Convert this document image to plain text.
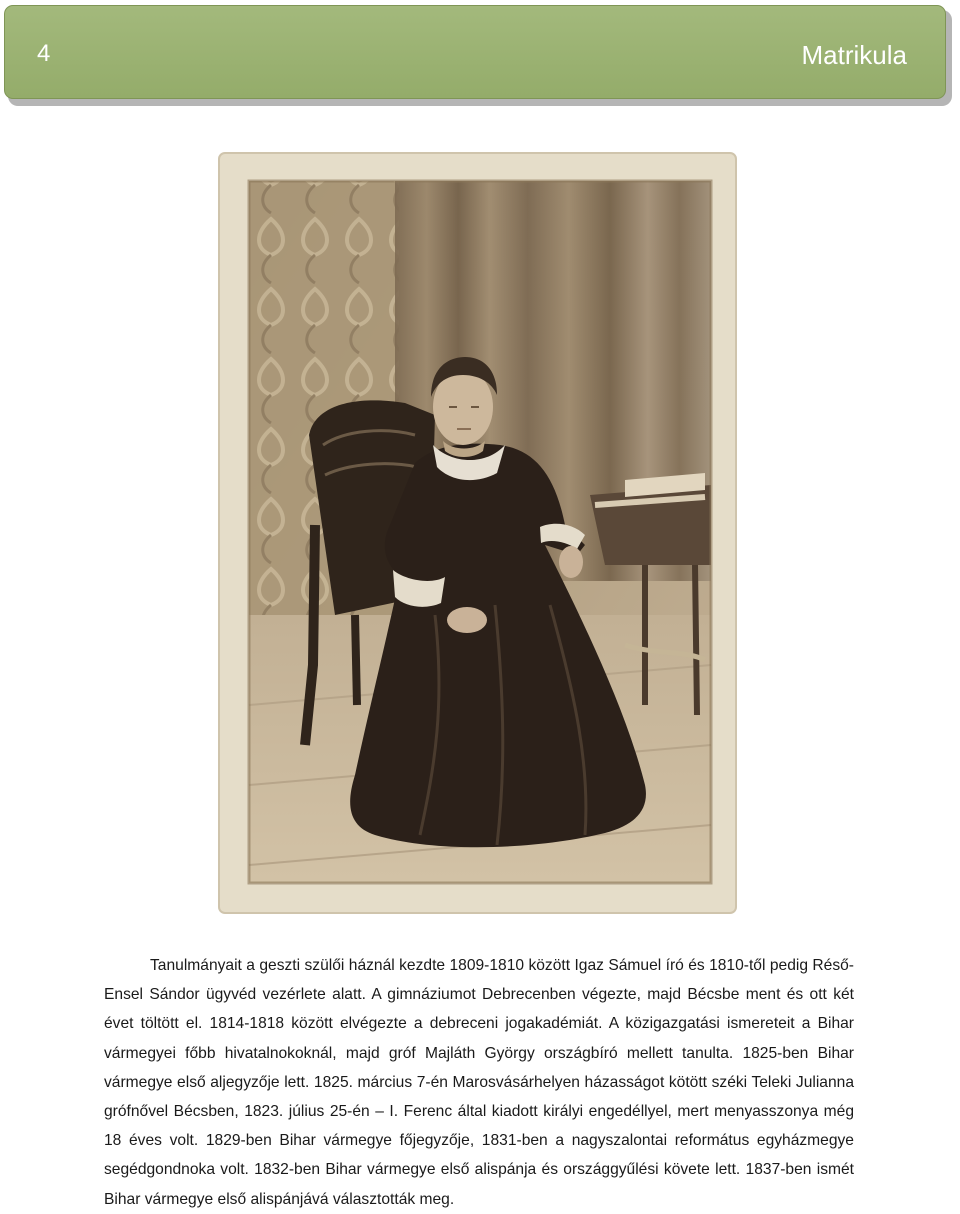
4	Matrikula

Tanulmányait a geszti szülői háznál kezdte 1809-1810 között Igaz Sámuel író és 1810-től pedig Réső-Ensel Sándor ügyvéd vezérlete alatt. A gimnáziumot Debrecenben végezte, majd Bécsbe ment és ott két évet töltött el. 1814-1818 között elvégezte a debreceni jogakadémiát. A közigazgatási ismereteit a Bihar vármegyei főbb hivatalnokoknál, majd gróf Majláth György országbíró mellett tanulta. 1825-ben Bihar vármegye első aljegyzője lett. 1825. március 7-én Marosvásárhelyen házasságot kötött széki Teleki Julianna grófnővel Bécsben, 1823. július 25-én – I. Ferenc által kiadott királyi engedéllyel, mert menyasszonya még 18 éves volt. 1829-ben Bihar vármegye főjegyzője, 1831-ben a nagyszalontai református egyházmegye segédgondnoka volt. 1832-ben Bihar vármegye első alispánja és országgyűlési követe lett. 1837-ben ismét Bihar vármegye első alispánjává választották meg.
